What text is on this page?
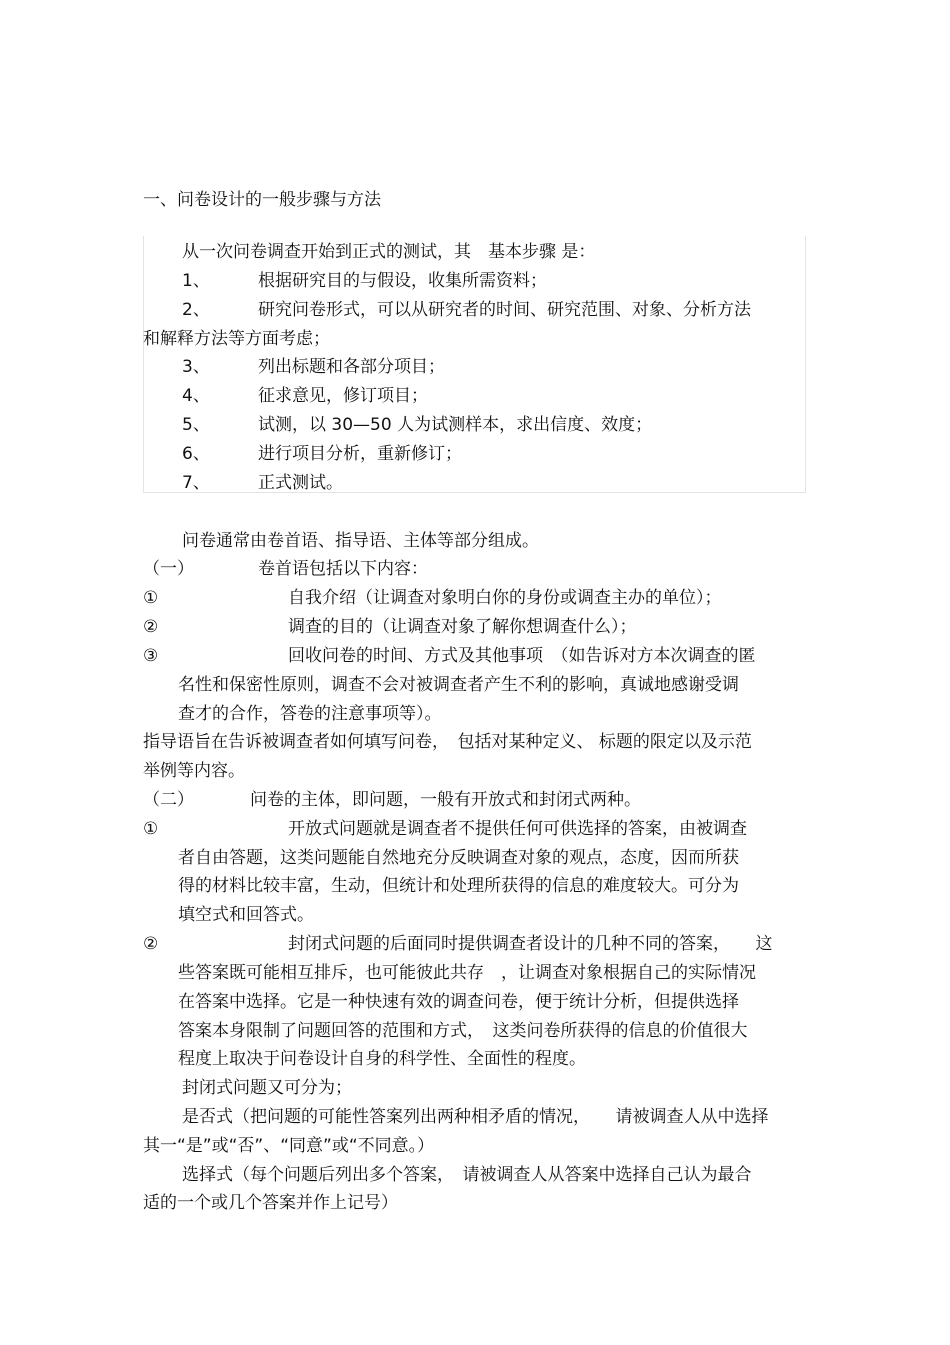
一、问卷设计的一般步骤与方法
从一次问卷调查开始到正式的测试，其　基本步骤 是：
1、	根据研究目的与假设，收集所需资料；
2、	研究问卷形式，可以从研究者的时间、研究范围、对象、分析方法
和解释方法等方面考虑；
3、	列出标题和各部分项目；
4、	征求意见，修订项目；
5、	试测，以 30—50 人为试测样本，求出信度、效度；
6、	进行项目分析，重新修订；
7、	正式测试。
问卷通常由卷首语、指导语、主体等部分组成。
（一）	卷首语包括以下内容：
①	自我介绍（让调查对象明白你的身份或调查主办的单位）；
②	调查的目的（让调查对象了解你想调查什么）；
③	回收问卷的时间、方式及其他事项　（如告诉对方本次调查的匿
名性和保密性原则，调查不会对被调查者产生不利的影响，真诚地感谢受调
查才的合作，答卷的注意事项等）。
指导语旨在告诉被调查者如何填写问卷，　包括对某种定义、 标题的限定以及示范
举例等内容。
（二）	问卷的主体，即问题，一般有开放式和封闭式两种。
①	开放式问题就是调查者不提供任何可供选择的答案，由被调查
者自由答题，这类问题能自然地充分反映调查对象的观点，态度，因而所获
得的材料比较丰富，生动，但统计和处理所获得的信息的难度较大。可分为
填空式和回答式。
②	封闭式问题的后面同时提供调查者设计的几种不同的答案，　　这
些答案既可能相互排斥，也可能彼此共存　，让调查对象根据自己的实际情况
在答案中选择。它是一种快速有效的调查问卷，便于统计分析，但提供选择
答案本身限制了问题回答的范围和方式，　这类问卷所获得的信息的价值很大
程度上取决于问卷设计自身的科学性、全面性的程度。
封闭式问题又可分为；
是否式（把问题的可能性答案列出两种相矛盾的情况，　　请被调查人从中选择
其一“是”或“否”、“同意”或“不同意。）
选择式（每个问题后列出多个答案，　请被调查人从答案中选择自己认为最合
适的一个或几个答案并作上记号）
